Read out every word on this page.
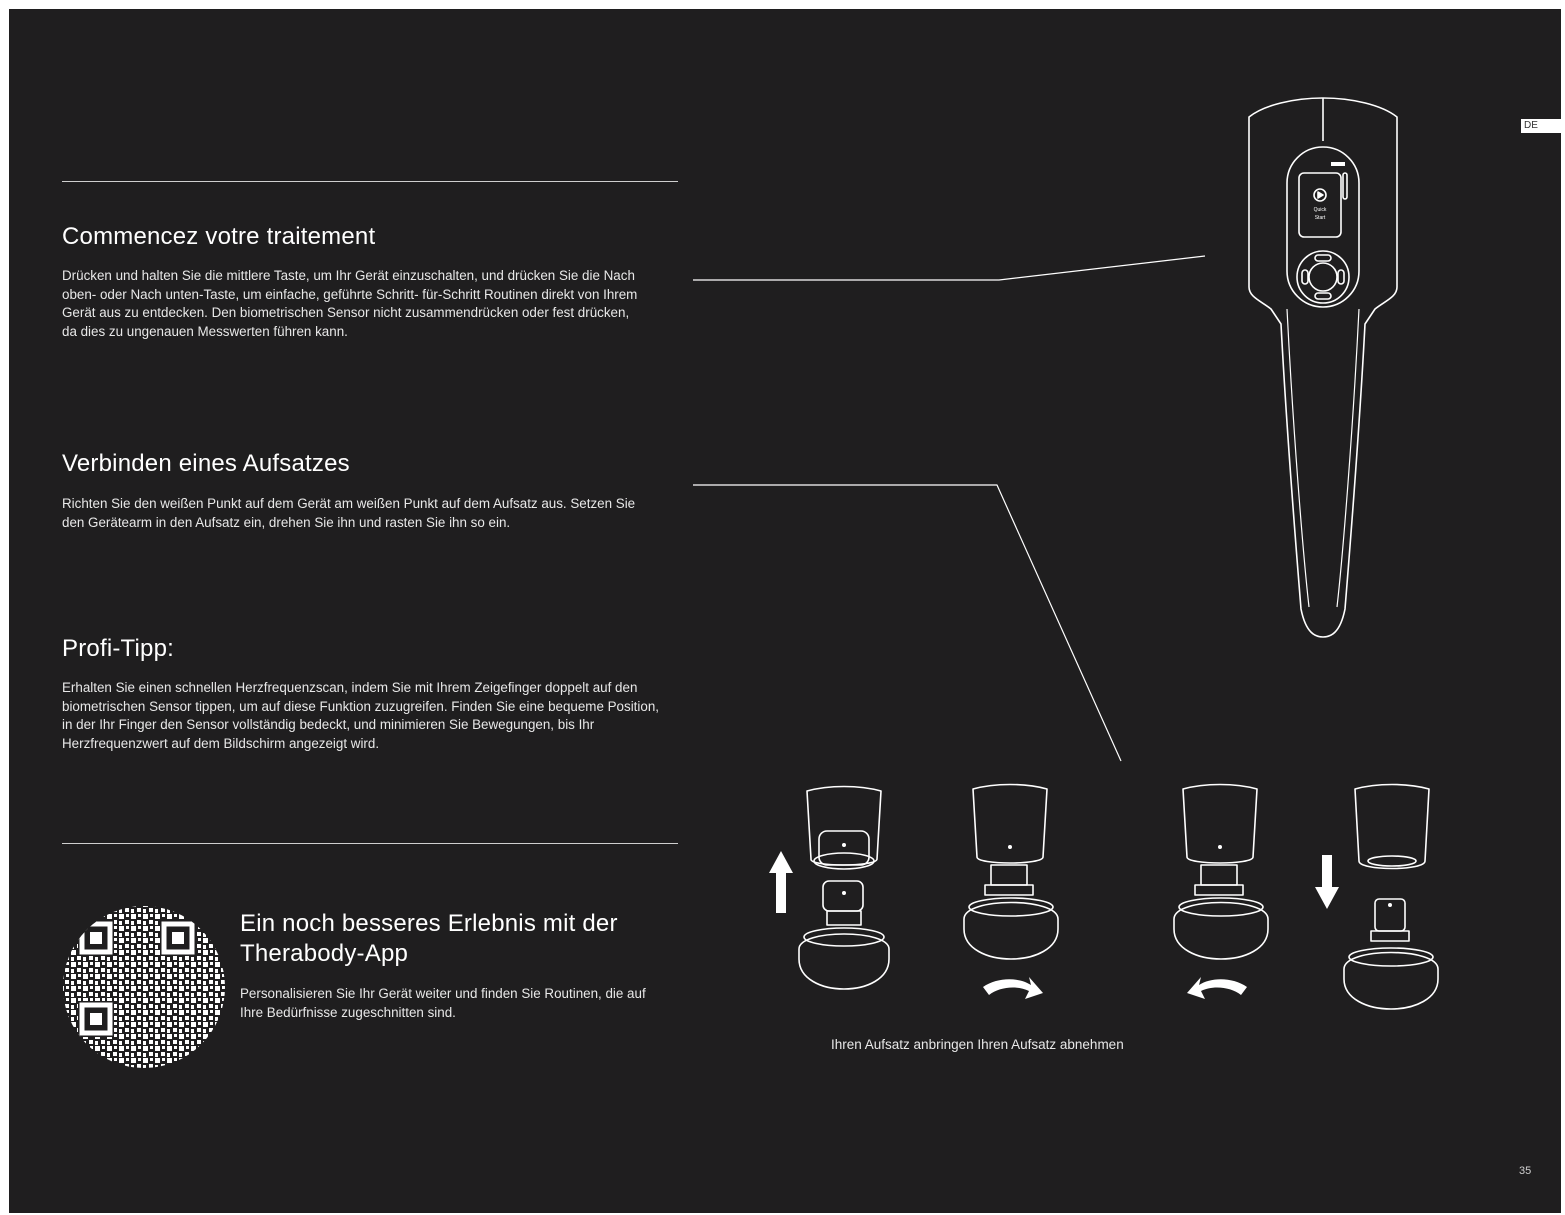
DE
Commencez votre traitement

Drücken und halten Sie die mittlere Taste, um Ihr Gerät einzuschalten, und drücken Sie die Nach oben- oder Nach unten-Taste, um einfache, geführte Schritt- für-Schritt Routinen direkt von Ihrem Gerät aus zu entdecken. Den biometrischen Sensor nicht zusammendrücken oder fest drücken, da dies zu ungenauen Messwerten führen kann.

Verbinden eines Aufsatzes

Richten Sie den weißen Punkt auf dem Gerät am weißen Punkt auf dem Aufsatz aus. Setzen Sie den Gerätearm in den Aufsatz ein, drehen Sie ihn und rasten Sie ihn so ein.

Profi-Tipp:

Erhalten Sie einen schnellen Herzfrequenzscan, indem Sie mit Ihrem Zeigefinger doppelt auf den biometrischen Sensor tippen, um auf diese Funktion zuzugreifen. Finden Sie eine bequeme Position, in der Ihr Finger den Sensor vollständig bedeckt, und minimieren Sie Bewegungen, bis Ihr Herzfrequenzwert auf dem Bildschirm angezeigt wird.

Ein noch besseres Erlebnis mit der Therabody-App

Personalisieren Sie Ihr Gerät weiter und finden Sie Routinen, die auf Ihre Bedürfnisse zugeschnitten sind.

Quick
Start
Ihren Aufsatz anbringen Ihren Aufsatz abnehmen
35
